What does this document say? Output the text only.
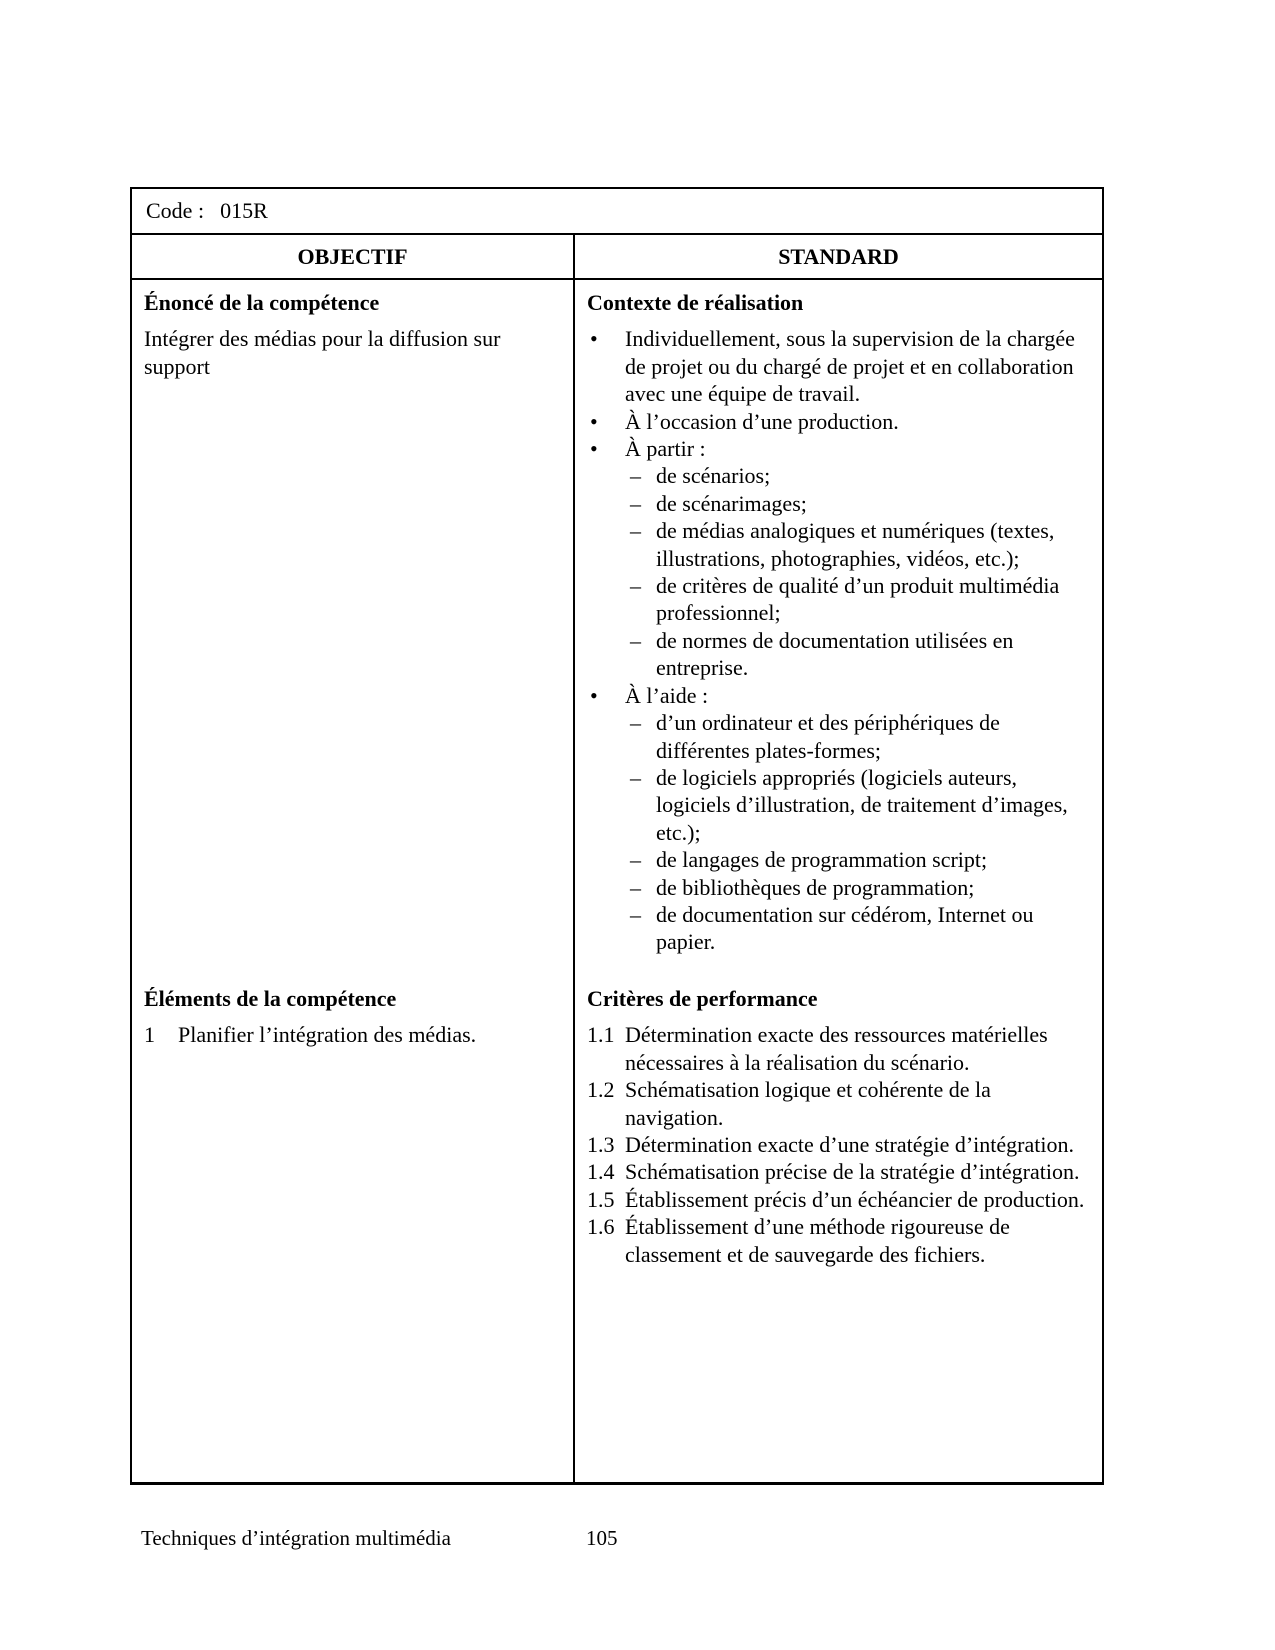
Code : 015R
OBJECTIF	STANDARD

Énoncé de la compétence

Intégrer des médias pour la diffusion sur support

Éléments de la compétence

1 Planifier l’intégration des médias.

Contexte de réalisation

• Individuellement, sous la supervision de la chargée de projet ou du chargé de projet et en collaboration avec une équipe de travail.
• À l’occasion d’une production.
• À partir :
– de scénarios;
– de scénarimages;
– de médias analogiques et numériques (textes, illustrations, photographies, vidéos, etc.);
– de critères de qualité d’un produit multimédia professionnel;
– de normes de documentation utilisées en entreprise.
• À l’aide :
– d’un ordinateur et des périphériques de différentes plates-formes;
– de logiciels appropriés (logiciels auteurs, logiciels d’illustration, de traitement d’images, etc.);
– de langages de programmation script;
– de bibliothèques de programmation;
– de documentation sur cédérom, Internet ou papier.

Critères de performance

1.1 Détermination exacte des ressources matérielles nécessaires à la réalisation du scénario.
1.2 Schématisation logique et cohérente de la navigation.
1.3 Détermination exacte d’une stratégie d’intégration.
1.4 Schématisation précise de la stratégie d’intégration.
1.5 Établissement précis d’un échéancier de production.
1.6 Établissement d’une méthode rigoureuse de classement et de sauvegarde des fichiers.
Techniques d’intégration multimédia	105
